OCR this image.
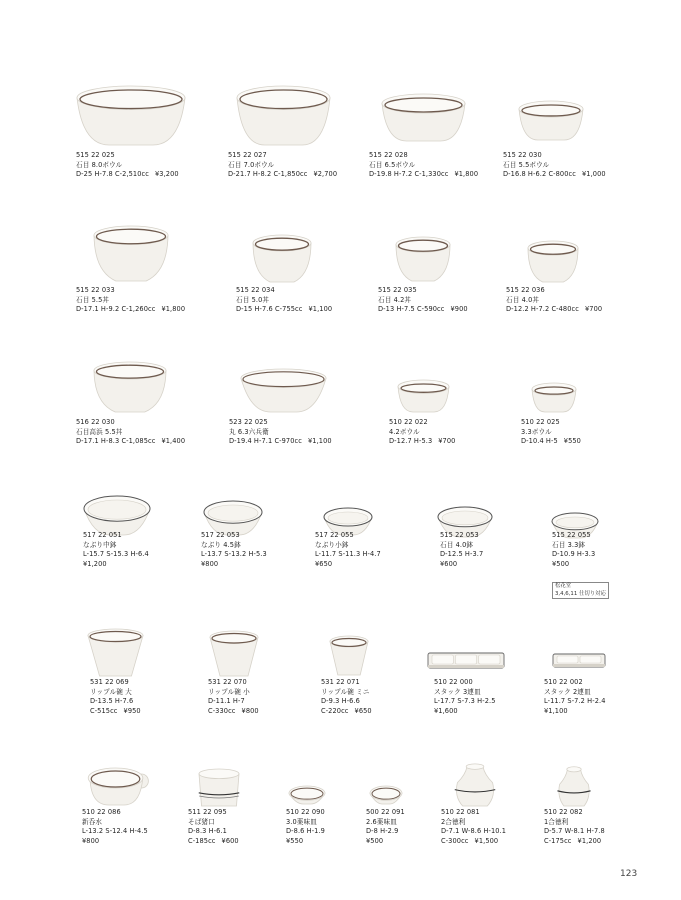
515 22 025
石目 8.0ボウル
D-25 H-7.8 C-2,510cc ¥3,200
515 22 027
石目 7.0ボウル
D-21.7 H-8.2 C-1,850cc ¥2,700
515 22 028
石目 6.5ボウル
D-19.8 H-7.2 C-1,330cc ¥1,800
515 22 030
石目 5.5ボウル
D-16.8 H-6.2 C-800cc ¥1,000
515 22 033
石目 5.5丼
D-17.1 H-9.2 C-1,260cc ¥1,800
515 22 034
石目 5.0丼
D-15 H-7.6 C-755cc ¥1,100
515 22 035
石目 4.2丼
D-13 H-7.5 C-590cc ¥900
515 22 036
石目 4.0丼
D-12.2 H-7.2 C-480cc ¥700
516 22 030
石目高浜 5.5丼
D-17.1 H-8.3 C-1,085cc ¥1,400
523 22 025
丸 6.3六兵衛
D-19.4 H-7.1 C-970cc ¥1,100
510 22 022
4.2ボウル
D-12.7 H-5.3 ¥700
510 22 025
3.3ボウル
D-10.4 H-5 ¥550
517 22 051
なぶり中鉢
L-15.7 S-15.3 H-6.4
¥1,200
517 22 053
なぶり 4.5鉢
L-13.7 S-13.2 H-5.3
¥800
517 22 055
なぶり小鉢
L-11.7 S-11.3 H-4.7
¥650
515 22 053
石目 4.0鉢
D-12.5 H-3.7
¥600
515 22 055
石目 3.3鉢
D-10.9 H-3.3
¥500
531 22 069
リップル碗 大
D-13.5 H-7.6
C-515cc ¥950
531 22 070
リップル碗 小
D-11.1 H-7
C-330cc ¥800
531 22 071
リップル碗 ミニ
D-9.3 H-6.6
C-220cc ¥650
510 22 000
スタック 3連皿
L-17.7 S-7.3 H-2.5
¥1,600
510 22 002
スタック 2連皿
L-11.7 S-7.2 H-2.4
¥1,100
510 22 086
新呑水
L-13.2 S-12.4 H-4.5
¥800
511 22 095
そば猪口
D-8.3 H-6.1
C-185cc ¥600
510 22 090
3.0薬味皿
D-8.6 H-1.9
¥550
500 22 091
2.6薬味皿
D-8 H-2.9
¥500
510 22 081
2合徳利
D-7.1 W-8.6 H-10.1
C-300cc ¥1,500
510 22 082
1合徳利
D-5.7 W-8.1 H-7.8
C-175cc ¥1,200
松花堂
3,4,6,11 仕切り対応
123
